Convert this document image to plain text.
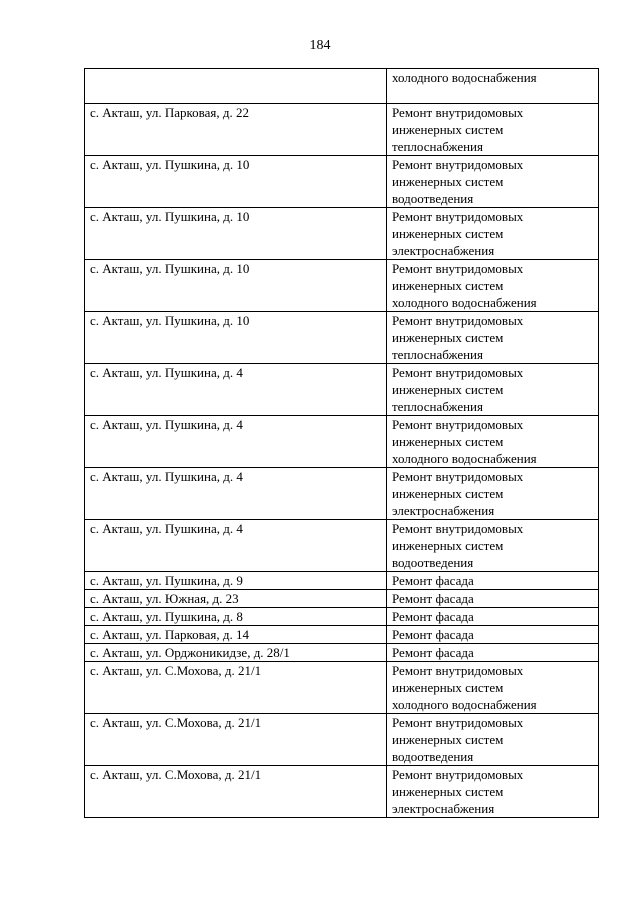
184

	холодного водоснабжения

с. Акташ, ул. Парковая, д. 22	Ремонт внутридомовых
инженерных систем
теплоснабжения

с. Акташ, ул. Пушкина, д. 10	Ремонт внутридомовых
инженерных систем
водоотведения

с. Акташ, ул. Пушкина, д. 10	Ремонт внутридомовых
инженерных систем
электроснабжения

с. Акташ, ул. Пушкина, д. 10	Ремонт внутридомовых
инженерных систем
холодного водоснабжения

с. Акташ, ул. Пушкина, д. 10	Ремонт внутридомовых
инженерных систем
теплоснабжения

с. Акташ, ул. Пушкина, д. 4	Ремонт внутридомовых
инженерных систем
теплоснабжения

с. Акташ, ул. Пушкина, д. 4	Ремонт внутридомовых
инженерных систем
холодного водоснабжения

с. Акташ, ул. Пушкина, д. 4	Ремонт внутридомовых
инженерных систем
электроснабжения

с. Акташ, ул. Пушкина, д. 4	Ремонт внутридомовых
инженерных систем
водоотведения

с. Акташ, ул. Пушкина, д. 9	Ремонт фасада

с. Акташ, ул. Южная, д. 23	Ремонт фасада

с. Акташ, ул. Пушкина, д. 8	Ремонт фасада

с. Акташ, ул. Парковая, д. 14	Ремонт фасада

с. Акташ, ул. Орджоникидзе, д. 28/1	Ремонт фасада

с. Акташ, ул. С.Мохова, д. 21/1	Ремонт внутридомовых
инженерных систем
холодного водоснабжения

с. Акташ, ул. С.Мохова, д. 21/1	Ремонт внутридомовых
инженерных систем
водоотведения

с. Акташ, ул. С.Мохова, д. 21/1	Ремонт внутридомовых
инженерных систем
электроснабжения
